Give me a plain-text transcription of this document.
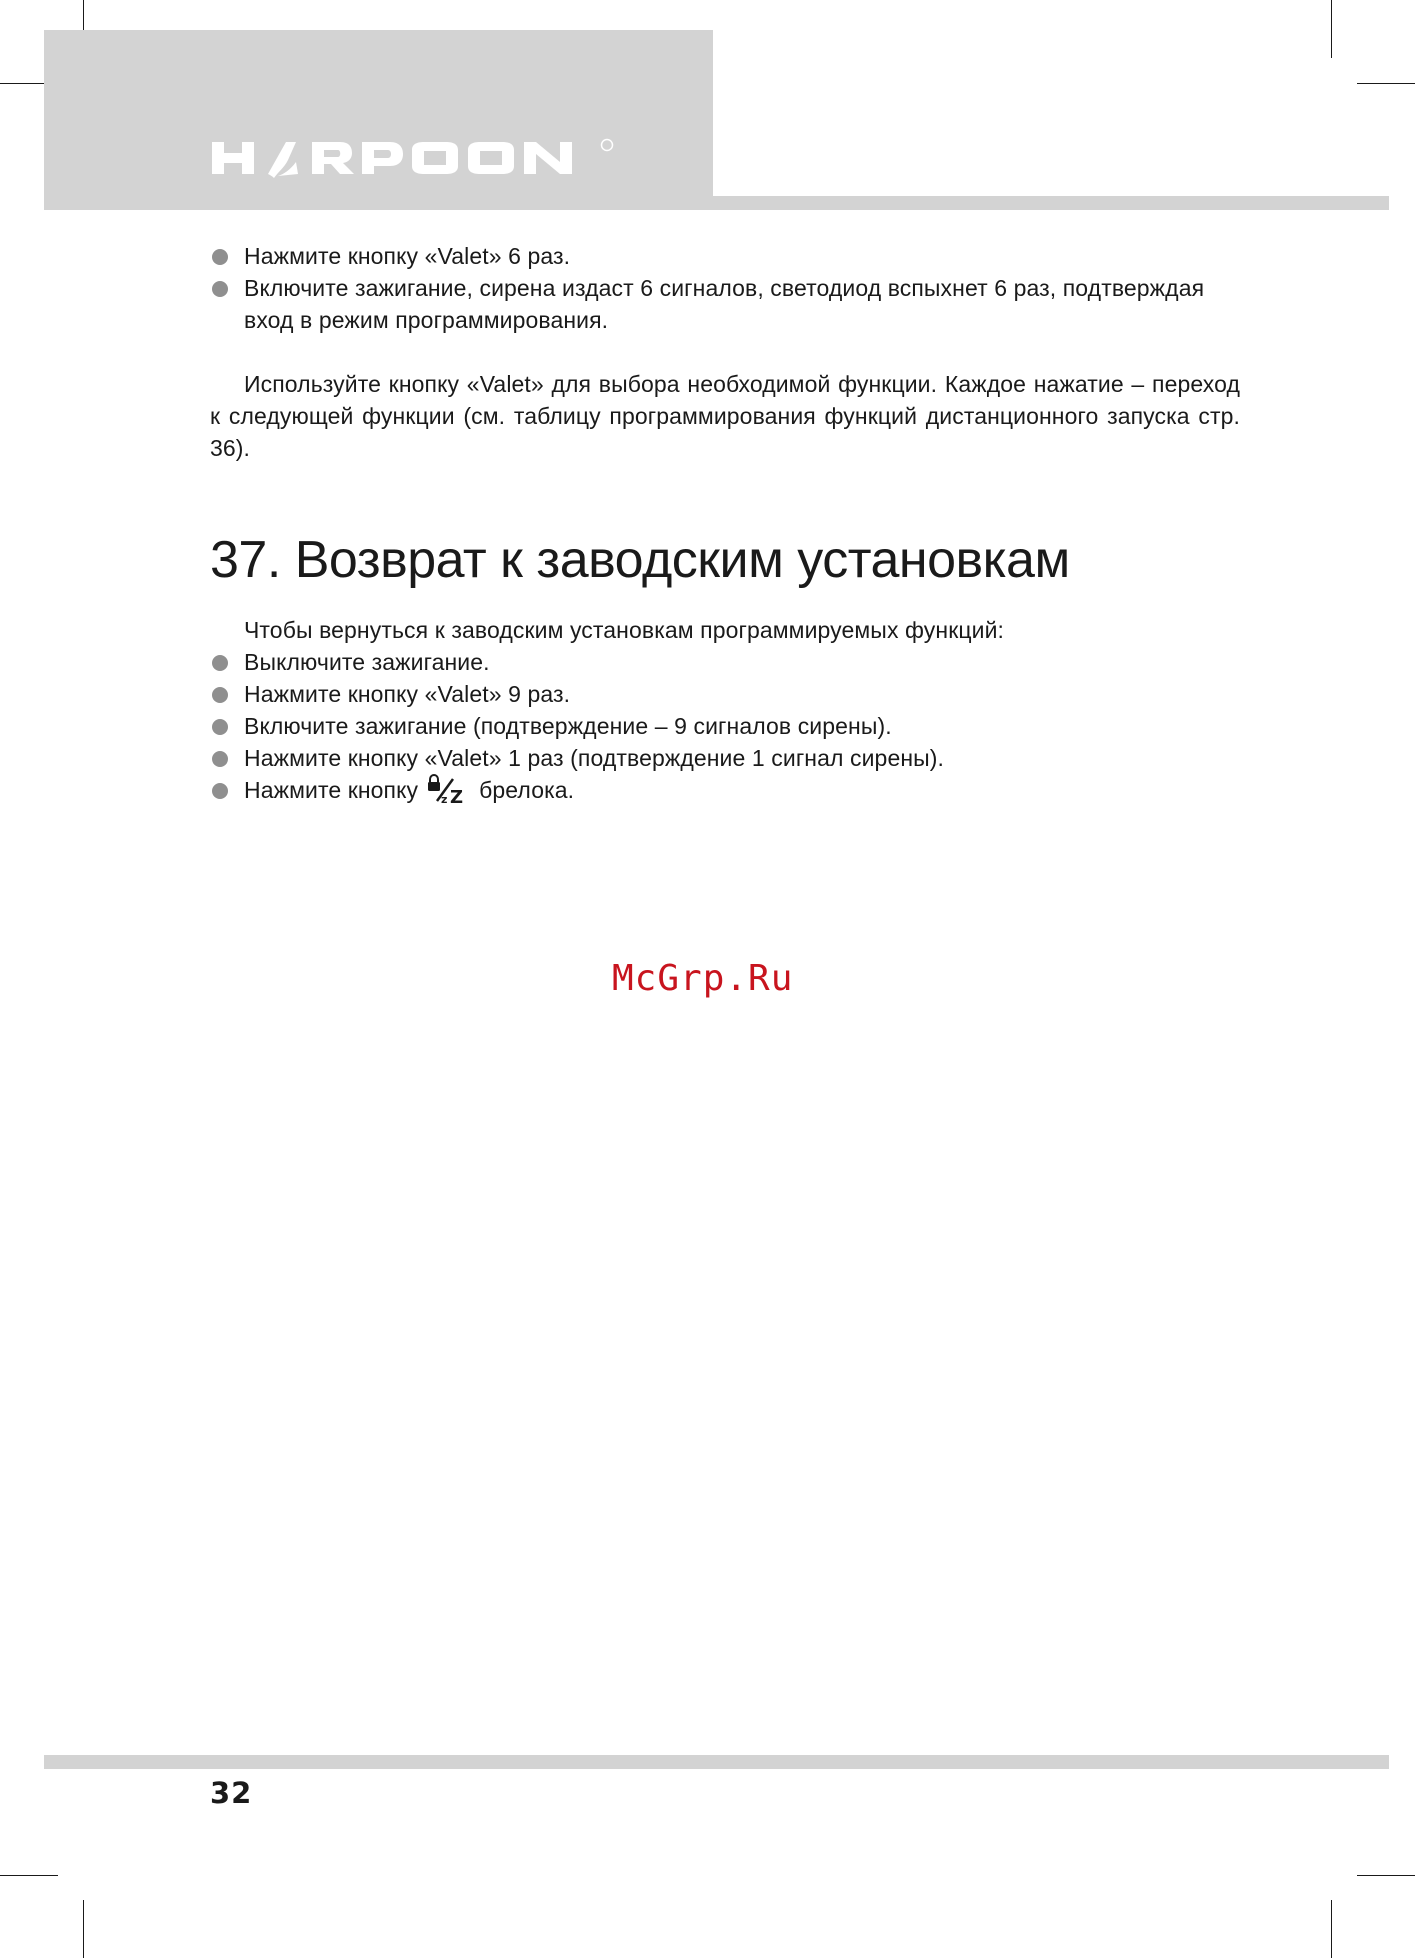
Нажмите кнопку «Valet» 6 раз.
Включите зажигание, сирена издаст 6 сигналов, светодиод вспыхнет 6 раз, подтверждая вход в режим программирования.

Используйте кнопку «Valet» для выбора необходимой функции. Каждое нажатие – переход к следующей функции (см. таблицу программирования функций дистанционного запуска стр. 36).

37. Возврат к заводским установкам

Чтобы вернуться к заводским установкам программируемых функций:

Выключите зажигание.
Нажмите кнопку «Valet» 9 раз.
Включите зажигание (подтверждение – 9 сигналов сирены).
Нажмите кнопку «Valet» 1 раз (подтверждение 1 сигнал сирены).
Нажмите кнопку z Z брелока.
McGrp.Ru
32
